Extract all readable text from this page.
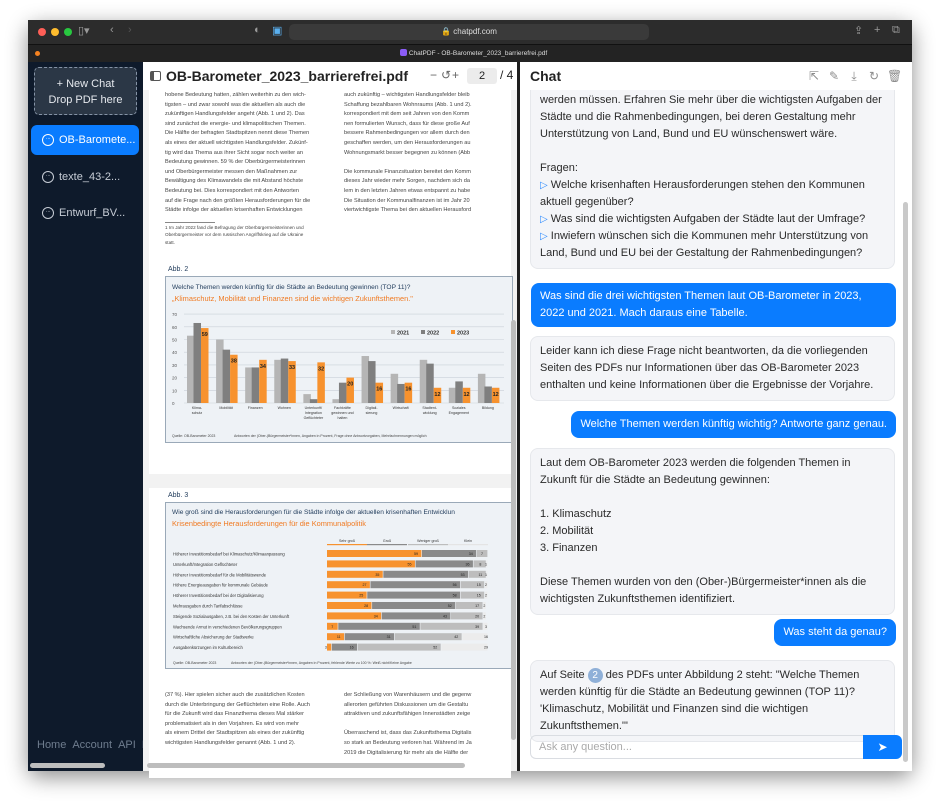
▯▾ ‹ ›	◐ ▣	🔒 chatpdf.com	⇪ + ⧉
ChatPDF - OB-Barometer_2023_barrierefrei.pdf
+ New Chat
Drop PDF here
··· OB-Baromete...
··· texte_43-2...
··· Entwurf_BV...
Home Account API
OB-Barometer_2023_barrierefrei.pdf − ↺ +	2	/ 4
hobene Bedeutung hatten, zählen weiterhin zu den wich-
tigsten – und zwar sowohl was die aktuellen als auch die
zukünftigen Handlungsfelder angeht (Abb. 1 und 2). Das
sind zunächst die energie- und klimapolitischen Themen.
Die Hälfte der befragten Stadtspitzen nennt diese Themen
als eines der aktuell wichtigsten Handlungsfelder. Zukünf-
tig wird das Thema aus ihrer Sicht sogar noch weiter an
Bedeutung gewinnen. 59 % der Oberbürgermeisterinnen
und Oberbürgermeister messen den Maßnahmen zur
Bewältigung des Klimawandels die mit Abstand höchste
Bedeutung bei. Dies korrespondiert mit den Antworten
auf die Frage nach den größten Herausforderungen für die
Städte infolge der aktuellen krisenhaften Entwicklungen
auch zukünftig – wichtigsten Handlungsfelder bleib
Schaffung bezahlbaren Wohnraums (Abb. 1 und 2).
korrespondiert mit dem seit Jahren von den Komm
nen formulierten Wunsch, dass für diese große Auf
bessere Rahmenbedingungen vor allem durch den
geschaffen werden, um den Herausforderungen au
Wohnungsmarkt besser begegnen zu können (Abb

Die kommunale Finanzsituation bereitet den Komm
dieses Jahr wieder mehr Sorgen, nachdem sich da
lem in den letzten Jahren etwas entspannt zu habe
Die Situation der Kommunalfinanzen ist im Jahr 20
viertwichtigste Thema bei den aktuellen Herausford
1 Im Jahr 2022 fand die Befragung der Oberbürgermeisterinnen und
Oberbürgermeister vor dem russischen Angriffskrieg auf die Ukraine
statt.
Abb. 2
Welche Themen werden künftig für die Städte an Bedeutung gewinnen (TOP 11)?
„Klimaschutz, Mobilität und Finanzen sind die wichtigen Zukunftsthemen."
0
10
20
30
40
50
60
70
59
Klima-
schutz
38
Mobilität
34
Finanzen
33
Wohnen
32
Unterkunft/
Integration
Geflüchteter
20
Fachkräfte
gewinnen und
halten
16
Digitali-
sierung
16
Wirtschaft
12
Stadtent-
wicklung
12
Soziales
Engagement
12
Bildung
2021	2022	2023
Quelle: OB-Barometer 2023	Antworten der (Ober-)Bürgermeister*innen, Angaben in Prozent, Frage ohne Antwortvorgaben, Mehrfachnennungen möglich
Abb. 3
Wie groß sind die Herausforderungen für die Städte infolge der aktuellen krisenhaften Entwicklun
Krisenbedingte Herausforderungen für die Kommunalpolitik
Sehr groß	Groß	Weniger groß	Klein
Höherer Investitionsbedarf bei Klimaschutz/Klimaanpassung	59	34 7
Unterkunft/Integration Geflüchteter	55	36	8 1
Höherer Investitionsbedarf für die Mobilitätswende	35	53	11 1
Höhere Energieausgaben für kommunale Gebäude	27	56	15 2
Höherer Investitionsbedarf bei der Digitalisierung	25	58	15 2
Mehrausgaben durch Tarifabschlüsse	28	52	17 2
Steigende Sozialausgaben, z.B. bei den Kosten der Unterkunft	34	43	20 2
Wachsende Armut in verschiedenen Bevölkerungsgruppen	7	51	39 3
Wirtschaftliche Absicherung der Stadtwerke	11	31	42	16
Ausgabenkürzungen im Kulturbereich	3	16	52	29
Quelle: OB-Barometer 2023	Antworten der (Ober-)Bürgermeister*innen, Angaben in Prozent, fehlende Werte zu 100 %: Weiß nicht/Keine Angabe
(37 %). Hier spielen sicher auch die zusätzlichen Kosten
durch die Unterbringung der Geflüchteten eine Rolle. Auch
für die Zukunft wird das Finanzthema dieses Mal stärker
problematisiert als in den Vorjahren. Es wird von mehr
als einem Drittel der Stadtspitzen als eines der zukünftig
wichtigsten Handlungsfelder genannt (Abb. 1 und 2).
der Schließung von Warenhäusern und die gegenw
allerorten geführten Diskussionen um die Gestaltu
attraktiven und zukunftsfähigen Innenstädten zeige

Überraschend ist, dass das Zukunftsthema Digitalis
so stark an Bedeutung verloren hat. Während im Ja
2019 die Digitalisierung für mehr als die Hälfte der
Chat	⇱ ✎	⤓	↻ 🗑
werden müssen. Erfahren Sie mehr über die wichtigsten Aufgaben der
Städte und die Rahmenbedingungen, bei deren Gestaltung mehr
Unterstützung von Land, Bund und EU wünschenswert wäre.
Fragen:
▷ Welche krisenhaften Herausforderungen stehen den Kommunen aktuell gegenüber?
▷ Was sind die wichtigsten Aufgaben der Städte laut der Umfrage?
▷ Inwiefern wünschen sich die Kommunen mehr Unterstützung von Land, Bund und EU bei der Gestaltung der Rahmenbedingungen?
Was sind die drei wichtigsten Themen laut OB-Barometer in 2023, 2022 und 2021. Mach daraus eine Tabelle.
Leider kann ich diese Frage nicht beantworten, da die vorliegenden Seiten des PDFs nur Informationen über das OB-Barometer 2023 enthalten und keine Informationen über die Ergebnisse der Vorjahre.
Welche Themen werden künftig wichtig? Antworte ganz genau.
Laut dem OB-Barometer 2023 werden die folgenden Themen in Zukunft für die Städte an Bedeutung gewinnen:
1. Klimaschutz
2. Mobilität
3. Finanzen
Diese Themen wurden von den (Ober-)Bürgermeister*innen als die wichtigsten Zukunftsthemen identifiziert.
Was steht da genau?
Auf Seite 2 des PDFs unter Abbildung 2 steht: "Welche Themen werden künftig für die Städte an Bedeutung gewinnen (TOP 11)? 'Klimaschutz, Mobilität und Finanzen sind die wichtigen Zukunftsthemen.'"
Ask any question...	➤
